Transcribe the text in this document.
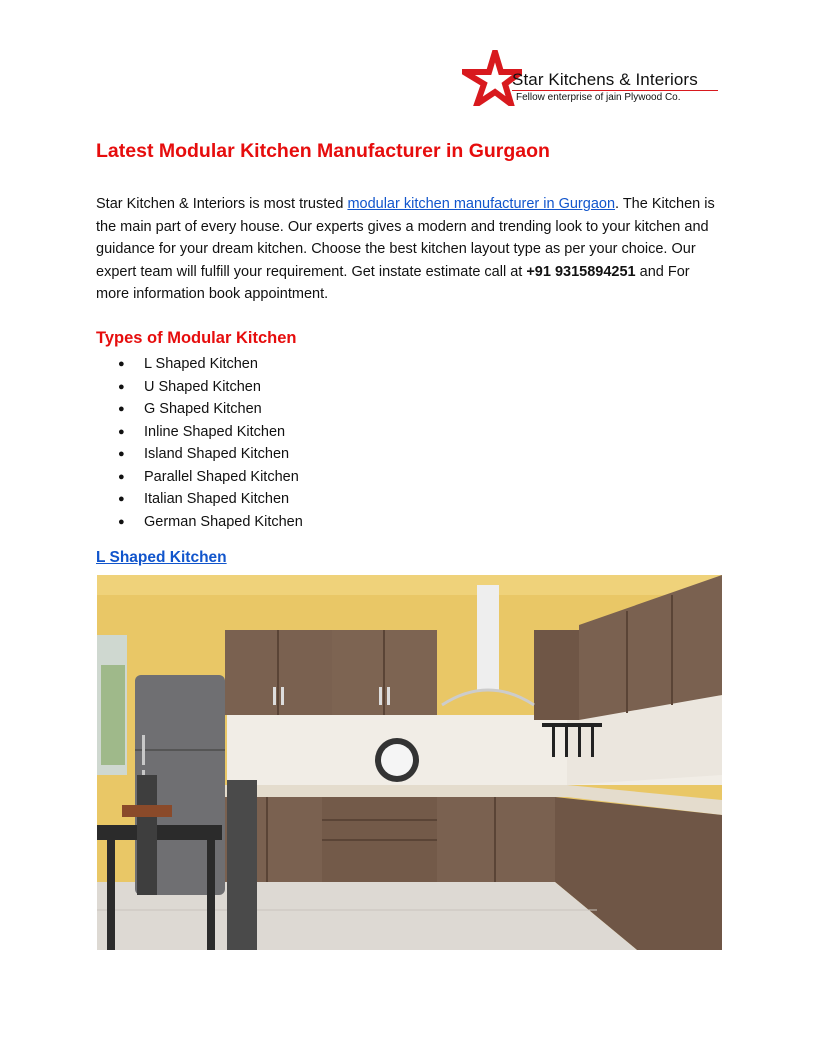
Star Kitchens & Interiors
Fellow enterprise of jain Plywood Co.
Latest Modular Kitchen Manufacturer in Gurgaon

Star Kitchen & Interiors is most trusted modular kitchen manufacturer in Gurgaon. The Kitchen is the main part of every house. Our experts gives a modern and trending look to your kitchen and guidance for your dream kitchen. Choose the best kitchen layout type as per your choice. Our expert team will fulfill your requirement. Get instate estimate call at +91 9315894251 and For more information book appointment.

Types of Modular Kitchen
● L Shaped Kitchen
● U Shaped Kitchen
● G Shaped Kitchen
● Inline Shaped Kitchen
● Island Shaped Kitchen
● Parallel Shaped Kitchen
● Italian Shaped Kitchen
● German Shaped Kitchen
L Shaped Kitchen
